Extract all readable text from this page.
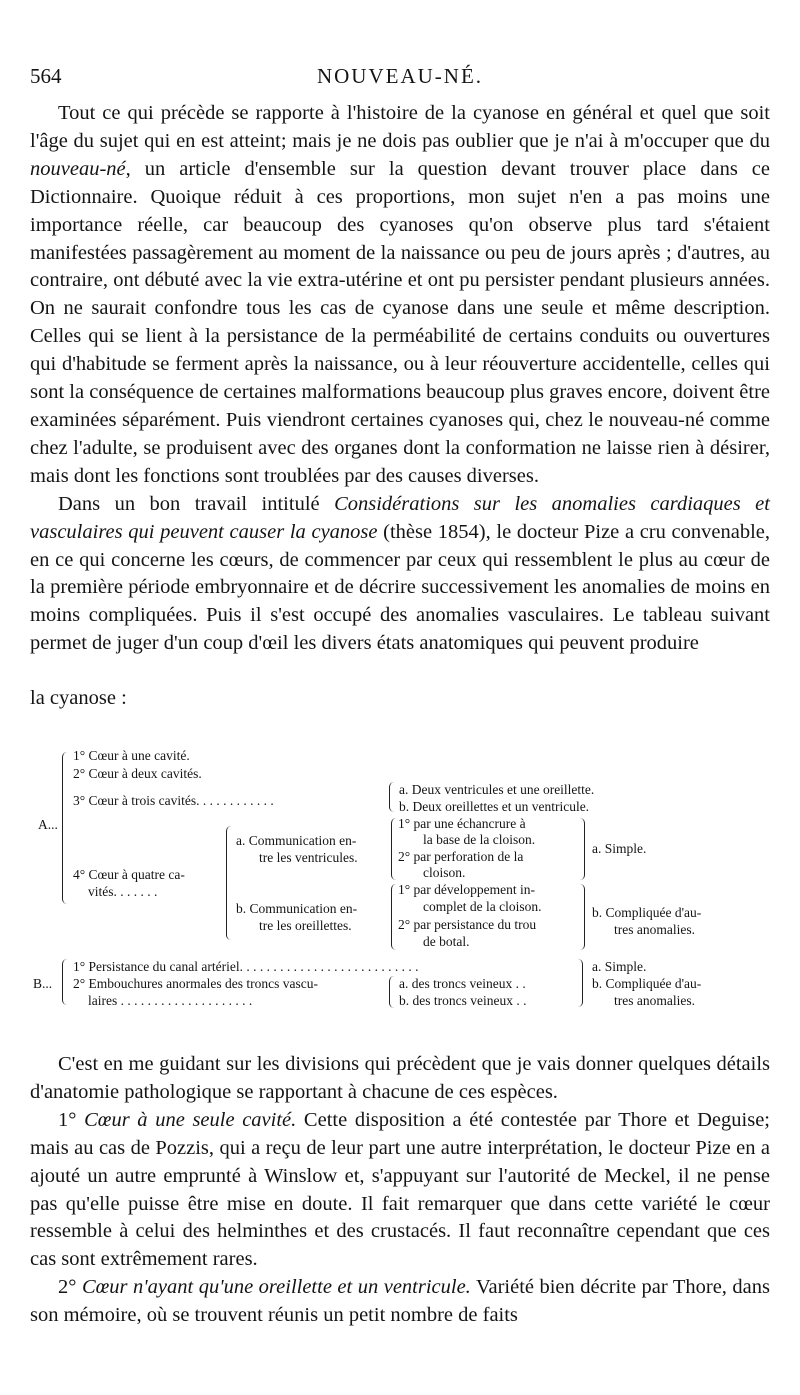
564	NOUVEAU-NÉ.

Tout ce qui précède se rapporte à l'histoire de la cyanose en général et quel que soit l'âge du sujet qui en est atteint; mais je ne dois pas oublier que je n'ai à m'occuper que du nouveau-né, un article d'ensemble sur la question devant trouver place dans ce Dictionnaire. Quoique réduit à ces proportions, mon sujet n'en a pas moins une importance réelle, car beaucoup des cyanoses qu'on observe plus tard s'étaient manifestées passagèrement au moment de la naissance ou peu de jours après ; d'autres, au contraire, ont débuté avec la vie extra-utérine et ont pu persister pendant plusieurs années. On ne saurait confondre tous les cas de cyanose dans une seule et même description. Celles qui se lient à la persistance de la perméabilité de certains conduits ou ouvertures qui d'habitude se ferment après la naissance, ou à leur réouverture accidentelle, celles qui sont la conséquence de certaines malformations beaucoup plus graves encore, doivent être examinées séparément. Puis viendront certaines cyanoses qui, chez le nouveau-né comme chez l'adulte, se produisent avec des organes dont la conformation ne laisse rien à désirer, mais dont les fonctions sont troublées par des causes diverses.

Dans un bon travail intitulé Considérations sur les anomalies cardiaques et vasculaires qui peuvent causer la cyanose (thèse 1854), le docteur Pize a cru convenable, en ce qui concerne les cœurs, de commencer par ceux qui ressemblent le plus au cœur de la première période embryonnaire et de décrire successivement les anomalies de moins en moins compliquées. Puis il s'est occupé des anomalies vasculaires. Le tableau suivant permet de juger d'un coup d'œil les divers états anatomiques qui peuvent produire

la cyanose :
A...
1° Cœur à une cavité.
2° Cœur à deux cavités.
3° Cœur à trois cavités. . . . . . . . . . . .
a. Deux ventricules et une oreillette.
b. Deux oreillettes et un ventricule.
4° Cœur à quatre ca-
vités. . . . . . .
a. Communication en-
tre les ventricules.
b. Communication en-
tre les oreillettes.
1° par une échancrure à
la base de la cloison.
2° par perforation de la
cloison.
1° par développement in-
complet de la cloison.
2° par persistance du trou
de botal.
a. Simple.
b. Compliquée d'au-
tres anomalies.
B...
1° Persistance du canal artériel. . . . . . . . . . . . . . . . . . . . . . . . . . .
2° Embouchures anormales des troncs vascu-
laires . . . . . . . . . . . . . . . . . . . .
a. des troncs veineux . .
b. des troncs veineux . .
a. Simple.
b. Compliquée d'au-
tres anomalies.

C'est en me guidant sur les divisions qui précèdent que je vais donner quelques détails d'anatomie pathologique se rapportant à chacune de ces espèces.

1° Cœur à une seule cavité. Cette disposition a été contestée par Thore et Deguise; mais au cas de Pozzis, qui a reçu de leur part une autre interprétation, le docteur Pize en a ajouté un autre emprunté à Winslow et, s'appuyant sur l'autorité de Meckel, il ne pense pas qu'elle puisse être mise en doute. Il fait remarquer que dans cette variété le cœur ressemble à celui des helminthes et des crustacés. Il faut reconnaître cependant que ces cas sont extrêmement rares.

2° Cœur n'ayant qu'une oreillette et un ventricule. Variété bien décrite par Thore, dans son mémoire, où se trouvent réunis un petit nombre de faits
